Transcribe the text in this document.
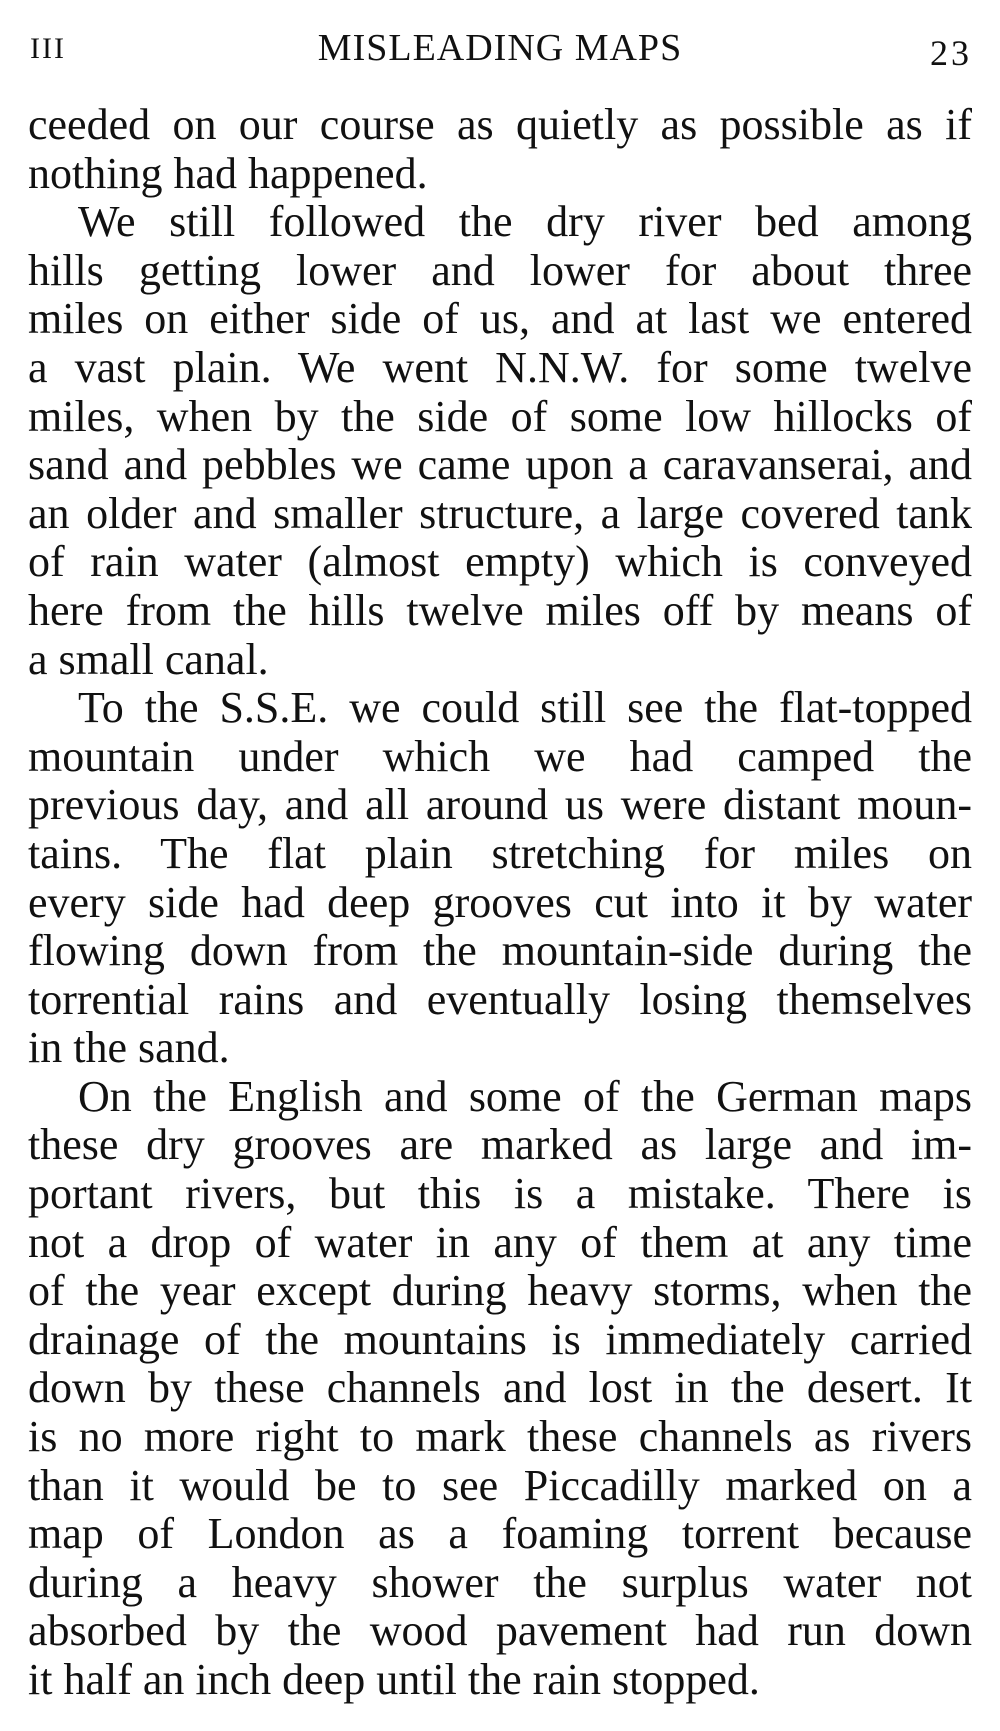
III	MISLEADING MAPS	23
ceeded on our course as quietly as possible as if
nothing had happened.
We still followed the dry river bed among
hills getting lower and lower for about three
miles on either side of us, and at last we entered
a vast plain. We went N.N.W. for some twelve
miles, when by the side of some low hillocks of
sand and pebbles we came upon a caravanserai, and
an older and smaller structure, a large covered tank
of rain water (almost empty) which is conveyed
here from the hills twelve miles off by means of
a small canal.
To the S.S.E. we could still see the flat-topped
mountain under which we had camped the
previous day, and all around us were distant moun-
tains. The flat plain stretching for miles on
every side had deep grooves cut into it by water
flowing down from the mountain-side during the
torrential rains and eventually losing themselves
in the sand.
On the English and some of the German maps
these dry grooves are marked as large and im-
portant rivers, but this is a mistake. There is
not a drop of water in any of them at any time
of the year except during heavy storms, when the
drainage of the mountains is immediately carried
down by these channels and lost in the desert. It
is no more right to mark these channels as rivers
than it would be to see Piccadilly marked on a
map of London as a foaming torrent because
during a heavy shower the surplus water not
absorbed by the wood pavement had run down
it half an inch deep until the rain stopped.
